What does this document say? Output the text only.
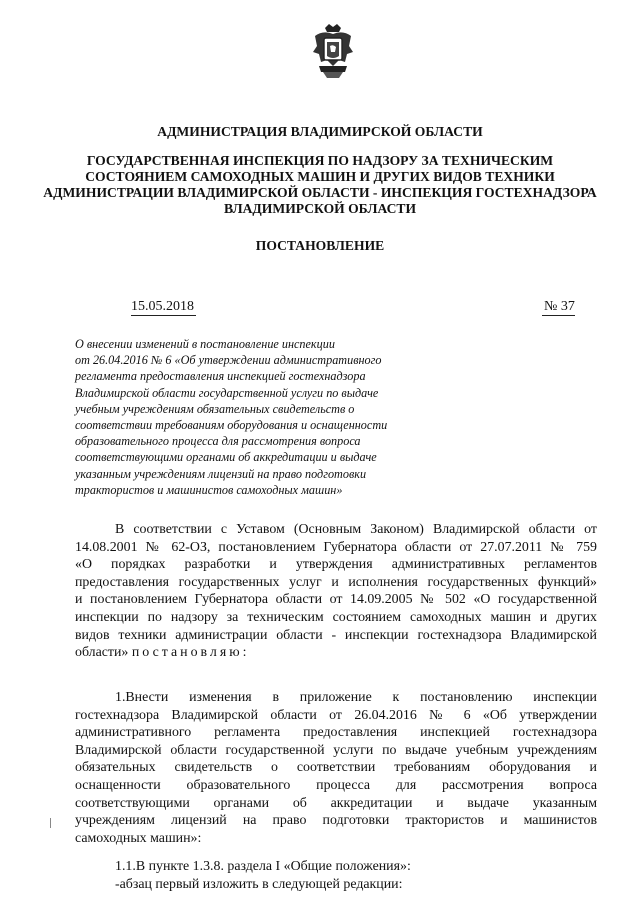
АДМИНИСТРАЦИЯ ВЛАДИМИРСКОЙ ОБЛАСТИ
ГОСУДАРСТВЕННАЯ ИНСПЕКЦИЯ ПО НАДЗОРУ ЗА ТЕХНИЧЕСКИМ
СОСТОЯНИЕМ САМОХОДНЫХ МАШИН И ДРУГИХ ВИДОВ ТЕХНИКИ
АДМИНИСТРАЦИИ ВЛАДИМИРСКОЙ ОБЛАСТИ - ИНСПЕКЦИЯ ГОСТЕХНАДЗОРА
ВЛАДИМИРСКОЙ ОБЛАСТИ
ПОСТАНОВЛЕНИЕ
15.05.2018	№ 37
О внесении изменений в постановление инспекции
от 26.04.2016 № 6 «Об утверждении административного
регламента предоставления инспекцией гостехнадзора
Владимирской области государственной услуги по выдаче
учебным учреждениям обязательных свидетельств о
соответствии требованиям оборудования и оснащенности
образовательного процесса для рассмотрения вопроса
соответствующими органами об аккредитации и выдаче
указанным учреждениям лицензий на право подготовки
трактористов и машинистов самоходных машин»
В соответствии с Уставом (Основным Законом) Владимирской области от
14.08.2001 № 62-ОЗ, постановлением Губернатора области от 27.07.2011 № 759
«О порядках разработки и утверждения административных регламентов
предоставления государственных услуг и исполнения государственных функций»
и постановлением Губернатора области от 14.09.2005 № 502 «О государственной
инспекции по надзору за техническим состоянием самоходных машин и других
видов техники администрации области - инспекции гостехнадзора Владимирской
области» постановляю:
1.Внести изменения в приложение к постановлению инспекции
гостехнадзора Владимирской области от 26.04.2016 № 6 «Об утверждении
административного регламента предоставления инспекцией гостехнадзора
Владимирской области государственной услуги по выдаче учебным учреждениям
обязательных свидетельств о соответствии требованиям оборудования и
оснащенности образовательного процесса для рассмотрения вопроса
соответствующими органами об аккредитации и выдаче указанным
учреждениям лицензий на право подготовки трактористов и машинистов
самоходных машин»:
1.1.В пункте 1.3.8. раздела I «Общие положения»:
-абзац первый изложить в следующей редакции:
